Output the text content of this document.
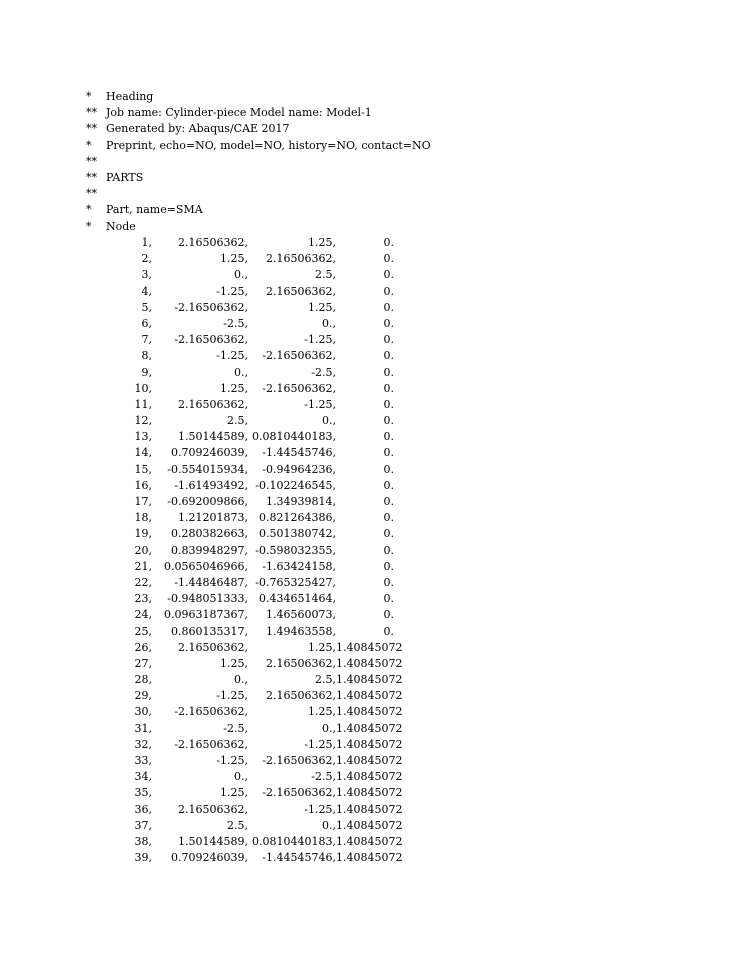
* Heading
** Job name: Cylinder-piece Model name: Model-1
** Generated by: Abaqus/CAE 2017
* Preprint, echo=NO, model=NO, history=NO, contact=NO
**
** PARTS
**
* Part, name=SMA
* Node
1,	2.16506362,	1.25,	0.
2,	1.25,	2.16506362,	0.
3,	0.,	2.5,	0.
4,	-1.25,	2.16506362,	0.
5,	-2.16506362,	1.25,	0.
6,	-2.5,	0.,	0.
7,	-2.16506362,	-1.25,	0.
8,	-1.25,	-2.16506362,	0.
9,	0.,	-2.5,	0.
10,	1.25,	-2.16506362,	0.
11,	2.16506362,	-1.25,	0.
12,	2.5,	0.,	0.
13,	1.50144589, 0.0810440183,	0.
14,	0.709246039,	-1.44545746,	0.
15,	-0.554015934,	-0.94964236,	0.
16,	-1.61493492, -0.102246545,	0.
17,	-0.692009866,	1.34939814,	0.
18,	1.21201873,	0.821264386,	0.
19,	0.280382663,	0.501380742,	0.
20,	0.839948297, -0.598032355,	0.
21,	0.0565046966,	-1.63424158,	0.
22,	-1.44846487, -0.765325427,	0.
23,	-0.948051333,	0.434651464,	0.
24,	0.0963187367,	1.46560073,	0.
25,	0.860135317,	1.49463558,	0.
26,	2.16506362,	1.25, 1.40845072
27,	1.25,	2.16506362, 1.40845072
28,	0.,	2.5, 1.40845072
29,	-1.25,	2.16506362, 1.40845072
30,	-2.16506362,	1.25, 1.40845072
31,	-2.5,	0., 1.40845072
32,	-2.16506362,	-1.25, 1.40845072
33,	-1.25,	-2.16506362, 1.40845072
34,	0.,	-2.5, 1.40845072
35,	1.25,	-2.16506362, 1.40845072
36,	2.16506362,	-1.25, 1.40845072
37,	2.5,	0., 1.40845072
38,	1.50144589, 0.0810440183, 1.40845072
39,	0.709246039,	-1.44545746, 1.40845072
